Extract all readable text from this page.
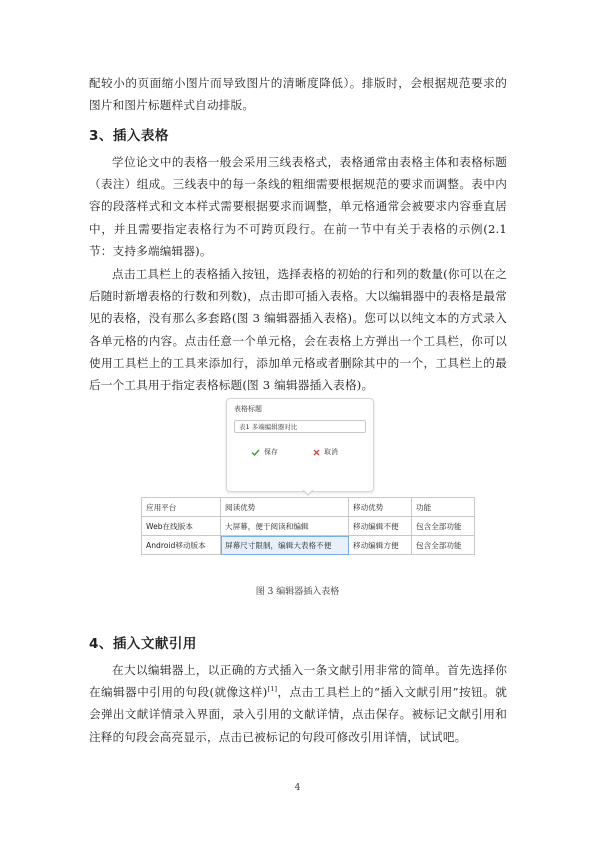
配较小的页面缩小图片而导致图片的清晰度降低）。排版时，会根据规范要求的图片和图片标题样式自动排版。

3、插入表格

学位论文中的表格一般会采用三线表格式，表格通常由表格主体和表格标题（表注）组成。三线表中的每一条线的粗细需要根据规范的要求而调整。表中内容的段落样式和文本样式需要根据要求而调整，单元格通常会被要求内容垂直居中，并且需要指定表格行为不可跨页段行。在前一节中有关于表格的示例(2.1 节：支持多端编辑器)。

点击工具栏上的表格插入按钮，选择表格的初始的行和列的数量(你可以在之后随时新增表格的行数和列数)，点击即可插入表格。大以编辑器中的表格是最常见的表格，没有那么多套路(图 3 编辑器插入表格)。您可以以纯文本的方式录入各单元格的内容。点击任意一个单元格，会在表格上方弹出一个工具栏，你可以使用工具栏上的工具来添加行，添加单元格或者删除其中的一个，工具栏上的最后一个工具用于指定表格标题(图 3 编辑器插入表格)。

表格标题
表1 多端编辑器对比
保存	取消
应用平台	阅读优势	移动优势	功能
Web在线版本	大屏幕，便于阅读和编辑	移动编辑不便	包含全部功能
Android移动版本	屏幕尺寸限制，编辑大表格不便	移动编辑方便	包含全部功能

图 3 编辑器插入表格

4、插入文献引用

在大以编辑器上，以正确的方式插入一条文献引用非常的简单。首先选择你在编辑器中引用的句段(就像这样)[1]，点击工具栏上的“插入文献引用”按钮。就会弹出文献详情录入界面，录入引用的文献详情，点击保存。被标记文献引用和注释的句段会高亮显示，点击已被标记的句段可修改引用详情，试试吧。

4
